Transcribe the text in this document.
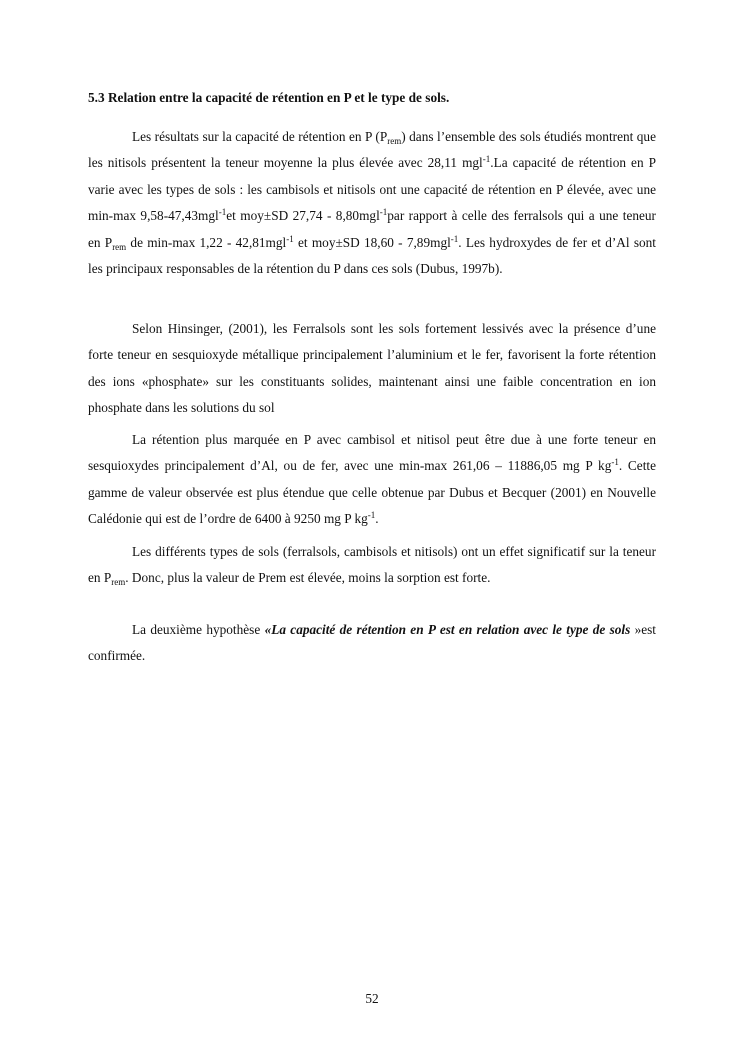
5.3 Relation entre la capacité de rétention en P et le type de sols.

Les résultats sur la capacité de rétention en P $(P_{rem})$ dans l’ensemble des sols étudiés montrent que les nitisols présentent la teneur moyenne la plus élevée avec 28,11 mgl$^{-1}$.La capacité de rétention en P varie avec les types de sols : les cambisols et nitisols ont une capacité de rétention en P élevée, avec une min-max 9,58-47,43mgl$^{-1}$et moy±SD 27,74 - 8,80mgl$^{-1}$par rapport à celle des ferralsols qui a une teneur en $P_{rem}$ de min-max 1,22 - 42,81mgl$^{-1}$ et moy±SD 18,60 - 7,89mgl$^{-1}$. Les hydroxydes de fer et d’Al sont les principaux responsables de la rétention du P dans ces sols (Dubus, 1997b).

Selon Hinsinger, (2001), les Ferralsols sont les sols fortement lessivés avec la présence d’une forte teneur en sesquioxyde métallique principalement l’aluminium et le fer, favorisent la forte rétention des ions «phosphate» sur les constituants solides, maintenant ainsi une faible concentration en ion phosphate dans les solutions du sol

La rétention plus marquée en P avec cambisol et nitisol peut être due à une forte teneur en sesquioxydes principalement d’Al, ou de fer, avec une min-max 261,06 – 11886,05 mg P $kg^{-1}$. Cette gamme de valeur observée est plus étendue que celle obtenue par Dubus et Becquer (2001) en Nouvelle Calédonie qui est de l’ordre de 6400 à 9250 mg P $kg^{-1}$.

Les différents types de sols (ferralsols, cambisols et nitisols) ont un effet significatif sur la teneur en $P_{rem}$. Donc, plus la valeur de Prem est élevée, moins la sorption est forte.

La deuxième hypothèse «La capacité de rétention en P est en relation avec le type de sols »est confirmée.

52
